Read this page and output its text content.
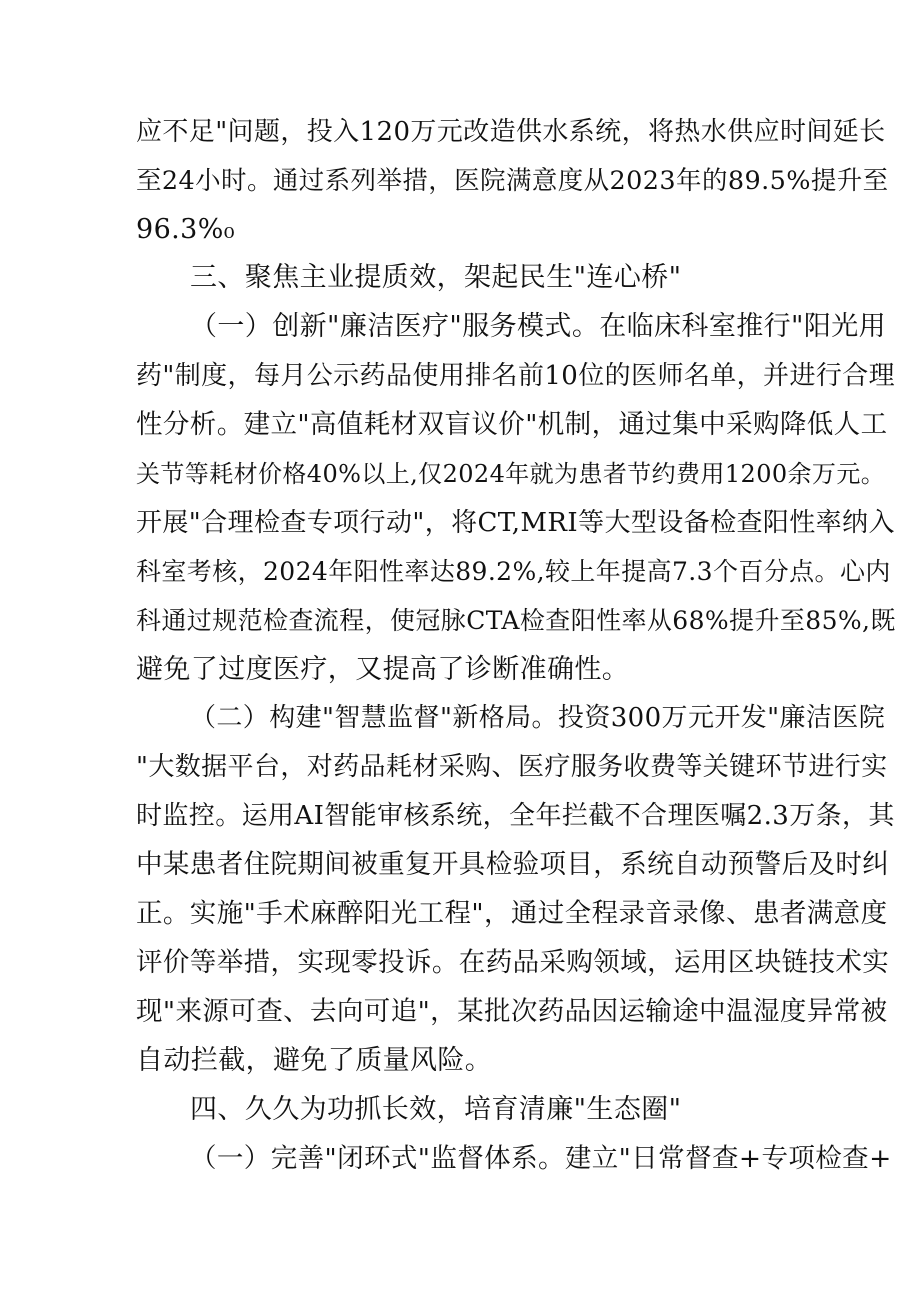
应不足"问题，投入120万元改造供水系统，将热水供应时间延长
至24小时。通过系列举措，医院满意度从2023年的89.5%提升至
96.3%₀
三、聚焦主业提质效，架起民生"连心桥"
（一）创新"廉洁医疗"服务模式。在临床科室推行"阳光用
药"制度，每月公示药品使用排名前10位的医师名单，并进行合理
性分析。建立"高值耗材双盲议价"机制，通过集中采购降低人工
关节等耗材价格40%以上,仅2024年就为患者节约费用1200余万元。
开展"合理检查专项行动"，将CT,MRI等大型设备检查阳性率纳入
科室考核，2024年阳性率达89.2%,较上年提高7.3个百分点。心内
科通过规范检查流程，使冠脉CTA检查阳性率从68%提升至85%,既
避免了过度医疗，又提高了诊断准确性。
（二）构建"智慧监督"新格局。投资300万元开发"廉洁医院
"大数据平台，对药品耗材采购、医疗服务收费等关键环节进行实
时监控。运用AI智能审核系统，全年拦截不合理医嘱2.3万条，其
中某患者住院期间被重复开具检验项目，系统自动预警后及时纠
正。实施"手术麻醉阳光工程"，通过全程录音录像、患者满意度
评价等举措，实现零投诉。在药品采购领域，运用区块链技术实
现"来源可查、去向可追"，某批次药品因运输途中温湿度异常被
自动拦截，避免了质量风险。
四、久久为功抓长效，培育清廉"生态圈"
（一）完善"闭环式"监督体系。建立"日常督查+专项检查+
